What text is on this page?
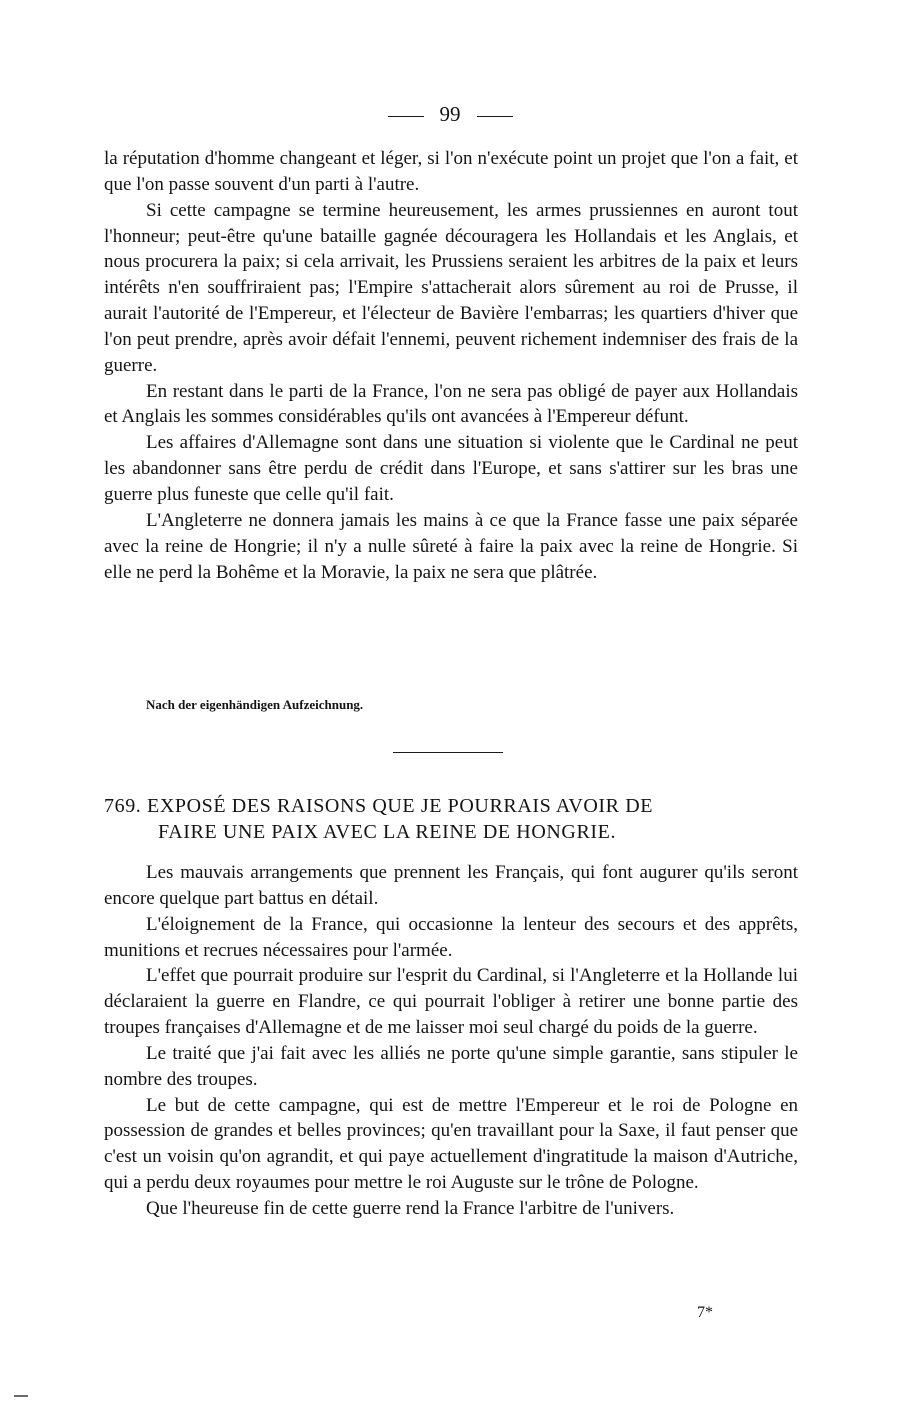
99

la réputation d'homme changeant et léger, si l'on n'exécute point un projet que l'on a fait, et que l'on passe souvent d'un parti à l'autre.

Si cette campagne se termine heureusement, les armes prussiennes en auront tout l'honneur; peut-être qu'une bataille gagnée découragera les Hollandais et les Anglais, et nous procurera la paix; si cela arrivait, les Prussiens seraient les arbitres de la paix et leurs intérêts n'en souffriraient pas; l'Empire s'attacherait alors sûrement au roi de Prusse, il aurait l'autorité de l'Empereur, et l'électeur de Bavière l'embarras; les quartiers d'hiver que l'on peut prendre, après avoir défait l'ennemi, peuvent richement indemniser des frais de la guerre.

En restant dans le parti de la France, l'on ne sera pas obligé de payer aux Hollandais et Anglais les sommes considérables qu'ils ont avancées à l'Empereur défunt.

Les affaires d'Allemagne sont dans une situation si violente que le Cardinal ne peut les abandonner sans être perdu de crédit dans l'Europe, et sans s'attirer sur les bras une guerre plus funeste que celle qu'il fait.

L'Angleterre ne donnera jamais les mains à ce que la France fasse une paix séparée avec la reine de Hongrie; il n'y a nulle sûreté à faire la paix avec la reine de Hongrie. Si elle ne perd la Bohême et la Moravie, la paix ne sera que plâtrée.

Nach der eigenhändigen Aufzeichnung.
769. EXPOSÉ DES RAISONS QUE JE POURRAIS AVOIR DE
FAIRE UNE PAIX AVEC LA REINE DE HONGRIE.

Les mauvais arrangements que prennent les Français, qui font augurer qu'ils seront encore quelque part battus en détail.

L'éloignement de la France, qui occasionne la lenteur des secours et des apprêts, munitions et recrues nécessaires pour l'armée.

L'effet que pourrait produire sur l'esprit du Cardinal, si l'Angleterre et la Hollande lui déclaraient la guerre en Flandre, ce qui pourrait l'obliger à retirer une bonne partie des troupes françaises d'Allemagne et de me laisser moi seul chargé du poids de la guerre.

Le traité que j'ai fait avec les alliés ne porte qu'une simple garantie, sans stipuler le nombre des troupes.

Le but de cette campagne, qui est de mettre l'Empereur et le roi de Pologne en possession de grandes et belles provinces; qu'en travaillant pour la Saxe, il faut penser que c'est un voisin qu'on agrandit, et qui paye actuellement d'ingratitude la maison d'Autriche, qui a perdu deux royaumes pour mettre le roi Auguste sur le trône de Pologne.

Que l'heureuse fin de cette guerre rend la France l'arbitre de l'univers.

7*
